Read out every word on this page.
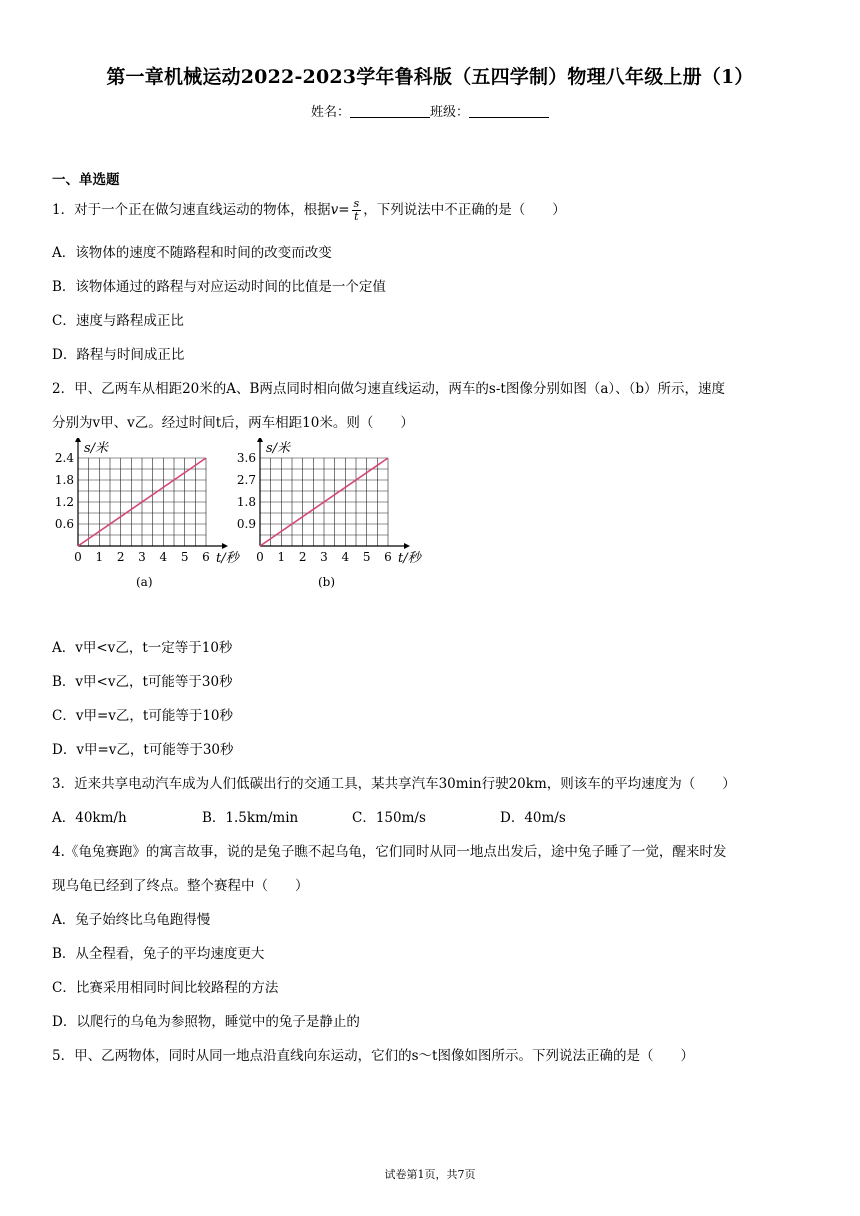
第一章机械运动2022-2023学年鲁科版（五四学制）物理八年级上册（1）
姓名：	班级：
一、单选题
1．对于一个正在做匀速直线运动的物体，根据$v= \frac{s}{t}$ ，下列说法中不正确的是（　　）
A．该物体的速度不随路程和时间的改变而改变
B．该物体通过的路程与对应运动时间的比值是一个定值
C．速度与路程成正比
D．路程与时间成正比
2．甲、乙两车从相距20米的A、B两点同时相向做匀速直线运动，两车的s-t图像分别如图（a）、（b）所示，速度
分别为v甲、v乙。经过时间t后，两车相距10米。则（　　）
0 1 2 3 4 5 6
0.6
1.2
1.8
2.4
s/米
t/秒
(a)
0 1 2 3 4 5 6
0.9
1.8
2.7
3.6
s/米
t/秒
(b)
A．v甲<v乙，t一定等于10秒
B．v甲<v乙，t可能等于30秒
C．v甲=v乙，t可能等于10秒
D．v甲=v乙，t可能等于30秒
3．近来共享电动汽车成为人们低碳出行的交通工具，某共享汽车30min行驶20km，则该车的平均速度为（　　）
A．40km/h	B．1.5km/min	C．150m/s	D．40m/s
4.《龟兔赛跑》的寓言故事，说的是兔子瞧不起乌龟，它们同时从同一地点出发后，途中兔子睡了一觉，醒来时发
现乌龟已经到了终点。整个赛程中（　　）
A．兔子始终比乌龟跑得慢
B．从全程看，兔子的平均速度更大
C．比赛采用相同时间比较路程的方法
D．以爬行的乌龟为参照物，睡觉中的兔子是静止的
5．甲、乙两物体，同时从同一地点沿直线向东运动，它们的s～t图像如图所示。下列说法正确的是（　　）
试卷第1页，共7页
